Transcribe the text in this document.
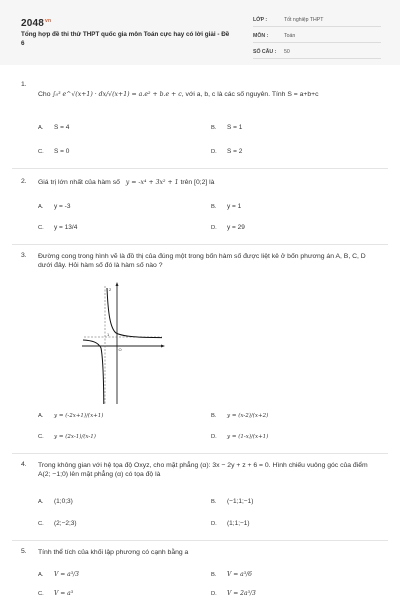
$2048^{vn}$
Tổng hợp đề thi thử THPT quốc gia môn Toán cực hay có lời giải - Đề 6
LỚP :	Tốt nghiệp THPT
MÔN :	Toán
SỐ CÂU : 50
1.
Cho ∫₀³ e^√(x+1) · dx/√(x+1) = a.e² + b.e + c, với a, b, c là các số nguyên. Tính S = a+b+c
A. S = 4	B. S = 1
C. S = 0	D. S = 2
2. Giá trị lớn nhất của hàm số y = -x⁴ + 3x² + 1 trên [0;2] là
A. y = -3	B. y = 1
C. y = 13/4	D. y = 29
3. Đường cong trong hình vẽ là đồ thị của đúng một trong bốn hàm số được liệt kê ở bốn phương án A, B, C, D dưới đây. Hỏi hàm số đó là hàm số nào ?
A. y = (-2x+1)/(x+1)	B. y = (x-2)/(x+2)
C. y = (2x-1)/(x-1)	D. y = (1-x)/(x+1)
2
1
O
4. Trong không gian với hệ tọa độ Oxyz, cho mặt phẳng (α): 3x − 2y + z + 6 = 0. Hình chiếu vuông góc của điểm A(2; −1;0) lên mặt phẳng (α) có tọa độ là
A. (1;0;3)	B. (−1;1;−1)
C. (2;−2;3)	D. (1;1;−1)
5. Tính thể tích của khối lập phương có cạnh bằng a
A. V = a³/3	B. V = a³/6
C. V = a³	D. V = 2a³/3
